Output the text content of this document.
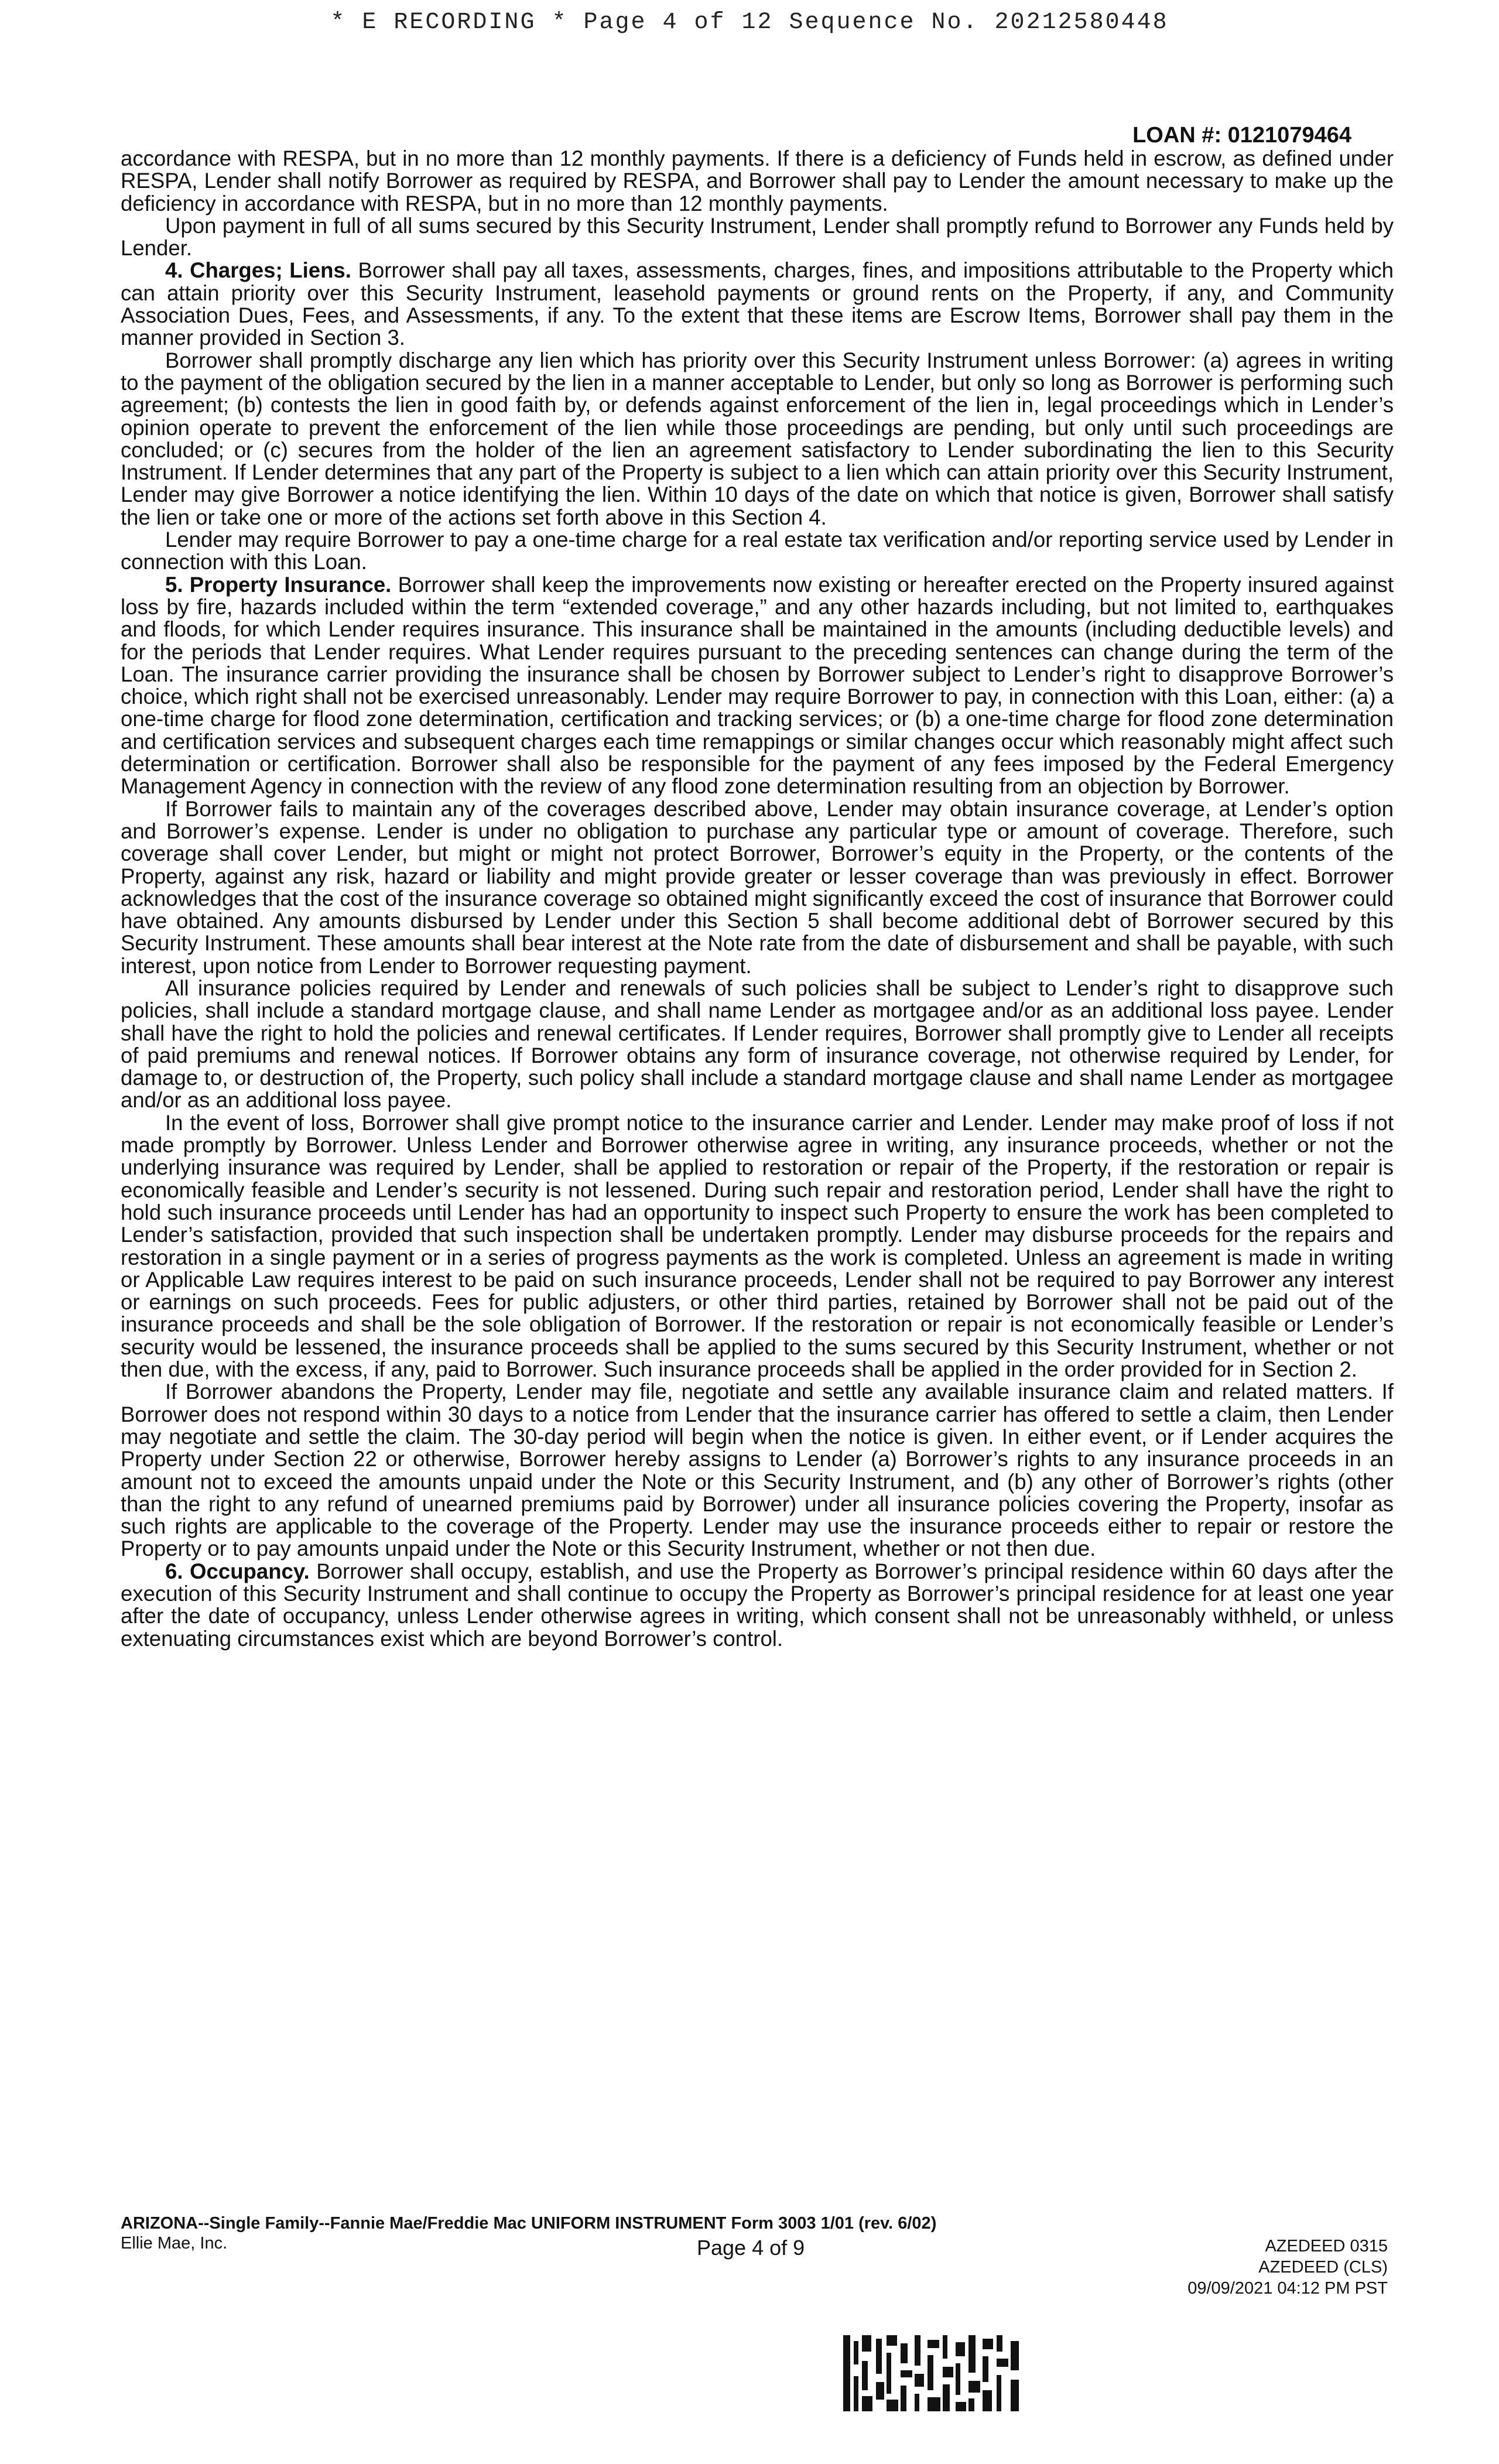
* E RECORDING * Page 4 of 12 Sequence No. 20212580448
LOAN #: 0121079464

accordance with RESPA, but in no more than 12 monthly payments. If there is a deficiency of Funds held in escrow, as defined under RESPA, Lender shall notify Borrower as required by RESPA, and Borrower shall pay to Lender the amount necessary to make up the deficiency in accordance with RESPA, but in no more than 12 monthly payments.

Upon payment in full of all sums secured by this Security Instrument, Lender shall promptly refund to Borrower any Funds held by Lender.

4. Charges; Liens. Borrower shall pay all taxes, assessments, charges, fines, and impositions attributable to the Property which can attain priority over this Security Instrument, leasehold payments or ground rents on the Property, if any, and Community Association Dues, Fees, and Assessments, if any. To the extent that these items are Escrow Items, Borrower shall pay them in the manner provided in Section 3.

Borrower shall promptly discharge any lien which has priority over this Security Instrument unless Borrower: (a) agrees in writing to the payment of the obligation secured by the lien in a manner acceptable to Lender, but only so long as Borrower is performing such agreement; (b) contests the lien in good faith by, or defends against enforcement of the lien in, legal proceedings which in Lender’s opinion operate to prevent the enforcement of the lien while those proceedings are pending, but only until such proceedings are concluded; or (c) secures from the holder of the lien an agreement satisfactory to Lender subordinating the lien to this Security Instrument. If Lender determines that any part of the Property is subject to a lien which can attain priority over this Security Instrument, Lender may give Borrower a notice identifying the lien. Within 10 days of the date on which that notice is given, Borrower shall satisfy the lien or take one or more of the actions set forth above in this Section 4.

Lender may require Borrower to pay a one-time charge for a real estate tax verification and/or reporting service used by Lender in connection with this Loan.

5. Property Insurance. Borrower shall keep the improvements now existing or hereafter erected on the Property insured against loss by fire, hazards included within the term “extended coverage,” and any other hazards including, but not limited to, earthquakes and floods, for which Lender requires insurance. This insurance shall be maintained in the amounts (including deductible levels) and for the periods that Lender requires. What Lender requires pursuant to the preceding sentences can change during the term of the Loan. The insurance carrier providing the insurance shall be chosen by Borrower subject to Lender’s right to disapprove Borrower’s choice, which right shall not be exercised unreasonably. Lender may require Borrower to pay, in connection with this Loan, either: (a) a one-time charge for flood zone determination, certification and tracking services; or (b) a one-time charge for flood zone determination and certification services and subsequent charges each time remappings or similar changes occur which reasonably might affect such determination or certification. Borrower shall also be responsible for the payment of any fees imposed by the Federal Emergency Management Agency in connection with the review of any flood zone determination resulting from an objection by Borrower.

If Borrower fails to maintain any of the coverages described above, Lender may obtain insurance coverage, at Lender’s option and Borrower’s expense. Lender is under no obligation to purchase any particular type or amount of coverage. Therefore, such coverage shall cover Lender, but might or might not protect Borrower, Borrower’s equity in the Property, or the contents of the Property, against any risk, hazard or liability and might provide greater or lesser coverage than was previously in effect. Borrower acknowledges that the cost of the insurance coverage so obtained might significantly exceed the cost of insurance that Borrower could have obtained. Any amounts disbursed by Lender under this Section 5 shall become additional debt of Borrower secured by this Security Instrument. These amounts shall bear interest at the Note rate from the date of disbursement and shall be payable, with such interest, upon notice from Lender to Borrower requesting payment.

All insurance policies required by Lender and renewals of such policies shall be subject to Lender’s right to disapprove such policies, shall include a standard mortgage clause, and shall name Lender as mortgagee and/or as an additional loss payee. Lender shall have the right to hold the policies and renewal certificates. If Lender requires, Borrower shall promptly give to Lender all receipts of paid premiums and renewal notices. If Borrower obtains any form of insurance coverage, not otherwise required by Lender, for damage to, or destruction of, the Property, such policy shall include a standard mortgage clause and shall name Lender as mortgagee and/or as an additional loss payee.

In the event of loss, Borrower shall give prompt notice to the insurance carrier and Lender. Lender may make proof of loss if not made promptly by Borrower. Unless Lender and Borrower otherwise agree in writing, any insurance proceeds, whether or not the underlying insurance was required by Lender, shall be applied to restoration or repair of the Property, if the restoration or repair is economically feasible and Lender’s security is not lessened. During such repair and restoration period, Lender shall have the right to hold such insurance proceeds until Lender has had an opportunity to inspect such Property to ensure the work has been completed to Lender’s satisfaction, provided that such inspection shall be undertaken promptly. Lender may disburse proceeds for the repairs and restoration in a single payment or in a series of progress payments as the work is completed. Unless an agreement is made in writing or Applicable Law requires interest to be paid on such insurance proceeds, Lender shall not be required to pay Borrower any interest or earnings on such proceeds. Fees for public adjusters, or other third parties, retained by Borrower shall not be paid out of the insurance proceeds and shall be the sole obligation of Borrower. If the restoration or repair is not economically feasible or Lender’s security would be lessened, the insurance proceeds shall be applied to the sums secured by this Security Instrument, whether or not then due, with the excess, if any, paid to Borrower. Such insurance proceeds shall be applied in the order provided for in Section 2.

If Borrower abandons the Property, Lender may file, negotiate and settle any available insurance claim and related matters. If Borrower does not respond within 30 days to a notice from Lender that the insurance carrier has offered to settle a claim, then Lender may negotiate and settle the claim. The 30-day period will begin when the notice is given. In either event, or if Lender acquires the Property under Section 22 or otherwise, Borrower hereby assigns to Lender (a) Borrower’s rights to any insurance proceeds in an amount not to exceed the amounts unpaid under the Note or this Security Instrument, and (b) any other of Borrower’s rights (other than the right to any refund of unearned premiums paid by Borrower) under all insurance policies covering the Property, insofar as such rights are applicable to the coverage of the Property. Lender may use the insurance proceeds either to repair or restore the Property or to pay amounts unpaid under the Note or this Security Instrument, whether or not then due.

6. Occupancy. Borrower shall occupy, establish, and use the Property as Borrower’s principal residence within 60 days after the execution of this Security Instrument and shall continue to occupy the Property as Borrower’s principal residence for at least one year after the date of occupancy, unless Lender otherwise agrees in writing, which consent shall not be unreasonably withheld, or unless extenuating circumstances exist which are beyond Borrower’s control.

ARIZONA--Single Family--Fannie Mae/Freddie Mac UNIFORM INSTRUMENT Form 3003 1/01 (rev. 6/02)
Ellie Mae, Inc.	Page 4 of 9	AZEDEED 0315
AZEDEED (CLS)
09/09/2021 04:12 PM PST
